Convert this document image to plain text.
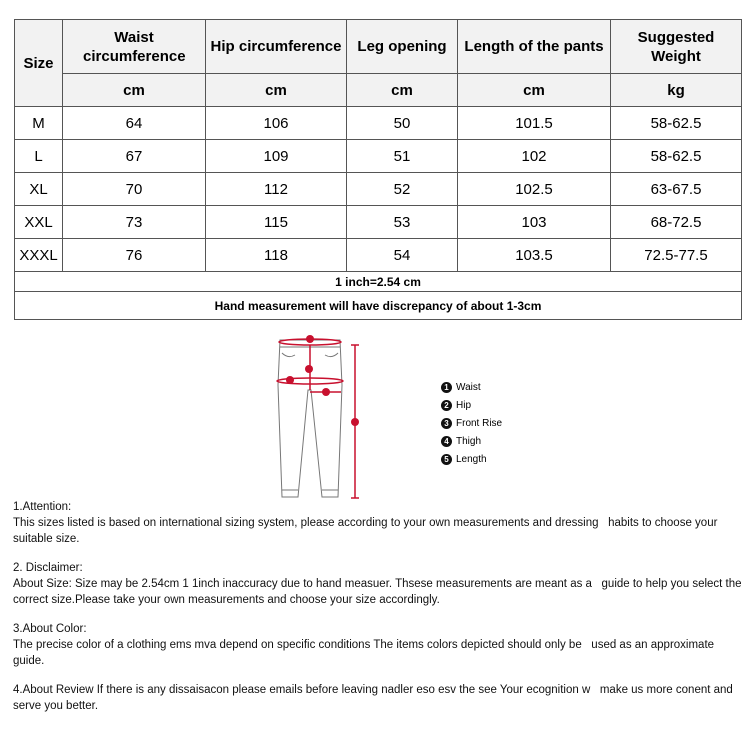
Size	Waist circumference	Hip circumference	Leg opening	Length of the pants	Suggested Weight
	cm	cm	cm	cm	kg
M	64	106	50	101.5	58-62.5
L	67	109	51	102	58-62.5
XL	70	112	52	102.5	63-67.5
XXL	73	115	53	103	68-72.5
XXXL	76	118	54	103.5	72.5-77.5
1 inch=2.54 cm					
Hand measurement will have discrepancy of about 1-3cm					
1 Waist
2 Hip
3 Front Rise
4 Thigh
5 Length

1.Attention:
This sizes listed is based on international sizing system, please according to your own measurements and dressing   habits to choose your suitable size.

2. Disclaimer:
About Size: Size may be 2.54cm 1 1inch inaccuracy due to hand measuer. Thsese measurements are meant as a   guide to help you select the correct size.Please take your own measurements and choose your size accordingly.

3.About Color:
The precise color of a clothing ems mva depend on specific conditions The items colors depicted should only be   used as an approximate guide.

4.About Review If there is any dissaisacon please emails before leaving nadler eso esv the see Your ecognition w   make us more conent and serve you better.
